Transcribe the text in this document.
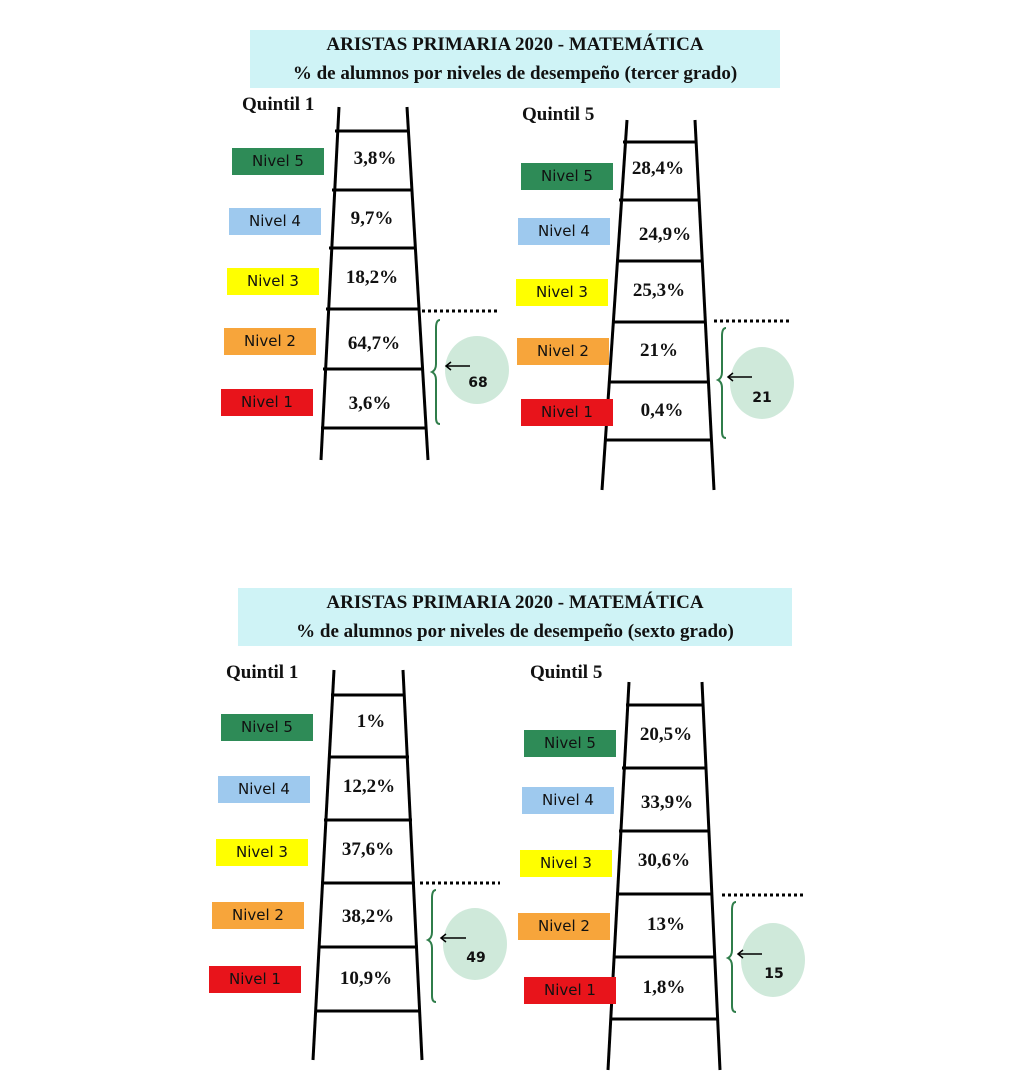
ARISTAS PRIMARIA 2020 - MATEMÁTICA
% de alumnos por niveles de desempeño (tercer grado)
ARISTAS PRIMARIA 2020 - MATEMÁTICA
% de alumnos por niveles de desempeño (sexto grado)
Quintil 1	Quintil 5
Quintil 1	Quintil 5
Nivel 5
Nivel 4
Nivel 3
Nivel 2
Nivel 1
3,8%
9,7%
18,2%
64,7%
3,6%
68
Nivel 5
Nivel 4
Nivel 3
Nivel 2
Nivel 1
28,4%
24,9%
25,3%
21%
0,4%
21
Nivel 5
Nivel 4
Nivel 3
Nivel 2
Nivel 1
1%
12,2%
37,6%
38,2%
10,9%
49
Nivel 5
Nivel 4
Nivel 3
Nivel 2
Nivel 1
20,5%
33,9%
30,6%
13%
1,8%
15
